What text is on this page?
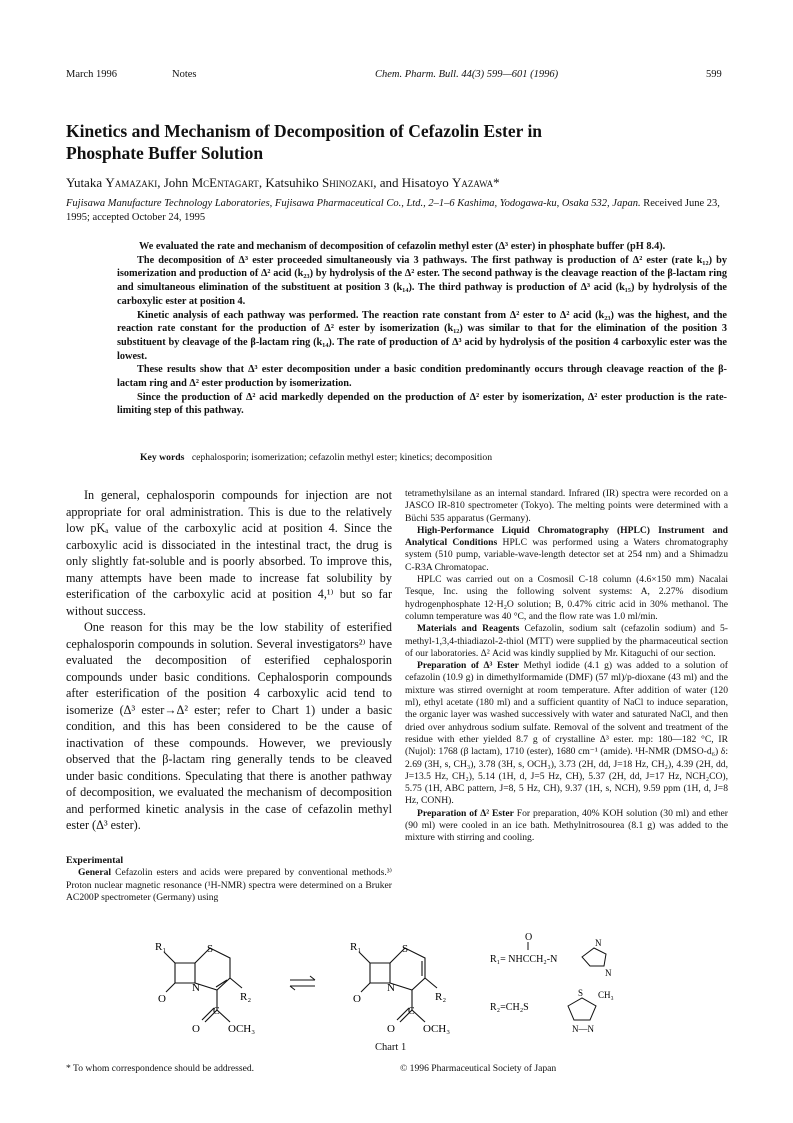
March 1996	Notes	Chem. Pharm. Bull. 44(3) 599—601 (1996)	599
Kinetics and Mechanism of Decomposition of Cefazolin Ester in Phosphate Buffer Solution
Yutaka Yamazaki, John McEntagart, Katsuhiko Shinozaki, and Hisatoyo Yazawa*
Fujisawa Manufacture Technology Laboratories, Fujisawa Pharmaceutical Co., Ltd., 2–1–6 Kashima, Yodogawa-ku, Osaka 532, Japan. Received June 23, 1995; accepted October 24, 1995

We evaluated the rate and mechanism of decomposition of cefazolin methyl ester (Δ³ ester) in phosphate buffer (pH 8.4).

The decomposition of Δ³ ester proceeded simultaneously via 3 pathways. The first pathway is production of Δ² ester (rate k₁₂) by isomerization and production of Δ² acid (k₂₃) by hydrolysis of the Δ² ester. The second pathway is the cleavage reaction of the β-lactam ring and simultaneous elimination of the substituent at position 3 (k₁₄). The third pathway is production of Δ³ acid (k₁₅) by hydrolysis of the carboxylic ester at position 4.

Kinetic analysis of each pathway was performed. The reaction rate constant from Δ² ester to Δ² acid (k₂₃) was the highest, and the reaction rate constant for the production of Δ² ester by isomerization (k₁₂) was similar to that for the elimination of the position 3 substituent by cleavage of the β-lactam ring (k₁₄). The rate of production of Δ³ acid by hydrolysis of the position 4 carboxylic ester was the lowest.

These results show that Δ³ ester decomposition under a basic condition predominantly occurs through cleavage reaction of the β-lactam ring and Δ² ester production by isomerization.

Since the production of Δ² acid markedly depended on the production of Δ² ester by isomerization, Δ² ester production is the rate-limiting step of this pathway.

Key words cephalosporin; isomerization; cefazolin methyl ester; kinetics; decomposition

In general, cephalosporin compounds for injection are not appropriate for oral administration. This is due to the relatively low pKₐ value of the carboxylic acid at position 4. Since the carboxylic acid is dissociated in the intestinal tract, the drug is only slightly fat-soluble and is poorly absorbed. To improve this, many attempts have been made to increase fat solubility by esterification of the carboxylic acid at position 4,¹⁾ but so far without success.

One reason for this may be the low stability of esterified cephalosporin compounds in solution. Several investigators²⁾ have evaluated the decomposition of esterified cephalosporin compounds under basic conditions. Cephalosporin compounds after esterification of the position 4 carboxylic acid tend to isomerize (Δ³ ester→Δ² ester; refer to Chart 1) under a basic condition, and this has been considered to be the cause of inactivation of these compounds. However, we previously observed that the β-lactam ring generally tends to be cleaved under basic conditions. Speculating that there is another pathway of decomposition, we evaluated the mechanism of decomposition and performed kinetic analysis in the case of cefazolin methyl ester (Δ³ ester).

Experimental

General Cefazolin esters and acids were prepared by conventional methods.³⁾ Proton nuclear magnetic resonance (¹H-NMR) spectra were determined on a Bruker AC200P spectrometer (Germany) using

tetramethylsilane as an internal standard. Infrared (IR) spectra were recorded on a JASCO IR-810 spectrometer (Tokyo). The melting points were determined with a Büchi 535 apparatus (Germany).

High-Performance Liquid Chromatography (HPLC) Instrument and Analytical Conditions HPLC was performed using a Waters chromatography system (510 pump, variable-wave-length detector set at 254 nm) and a Shimadzu C-R3A Chromatopac.

HPLC was carried out on a Cosmosil C-18 column (4.6×150 mm) Nacalai Tesque, Inc. using the following solvent systems: A, 2.27% disodium hydrogenphosphate 12·H₂O solution; B, 0.47% citric acid in 30% methanol. The column temperature was 40 °C, and the flow rate was 1.0 ml/min.

Materials and Reagents Cefazolin, sodium salt (cefazolin sodium) and 5-methyl-1,3,4-thiadiazol-2-thiol (MTT) were supplied by the pharmaceutical section of our laboratories. Δ² Acid was kindly supplied by Mr. Kitaguchi of our section.

Preparation of Δ³ Ester Methyl iodide (4.1 g) was added to a solution of cefazolin (10.9 g) in dimethylformamide (DMF) (57 ml)/p-dioxane (43 ml) and the mixture was stirred overnight at room temperature. After addition of water (120 ml), ethyl acetate (180 ml) and a sufficient quantity of NaCl to induce separation, the organic layer was washed successively with water and saturated NaCl, and then dried over anhydrous sodium sulfate. Removal of the solvent and treatment of the residue with ether yielded 8.7 g of crystalline Δ³ ester. mp: 180—182 °C, IR (Nujol): 1768 (β lactam), 1710 (ester), 1680 cm⁻¹ (amide). ¹H-NMR (DMSO-d₆) δ: 2.69 (3H, s, CH₃), 3.78 (3H, s, OCH₃), 3.73 (2H, dd, J=18 Hz, CH₂), 4.39 (2H, dd, J=13.5 Hz, CH₂), 5.14 (1H, d, J=5 Hz, CH), 5.37 (2H, dd, J=17 Hz, NCH₂CO), 5.75 (1H, ABC pattern, J=8, 5 Hz, CH), 9.37 (1H, s, NCH), 9.59 ppm (1H, d, J=8 Hz, CONH).

Preparation of Δ² Ester For preparation, 40% KOH solution (30 ml) and ether (90 ml) were cooled in an ice bath. Methylnitrosourea (8.1 g) was added to the mixture with stirring and cooling.

R₁	S
N
O	R₂
C
O	OCH₃
R₁	S
N
O	R₂
C
O	OCH₃
O
R₁= NHCCH₂-N
N
N
R₂=CH₂S
S CH₃
N—N
Chart 1
* To whom correspondence should be addressed.	© 1996 Pharmaceutical Society of Japan
